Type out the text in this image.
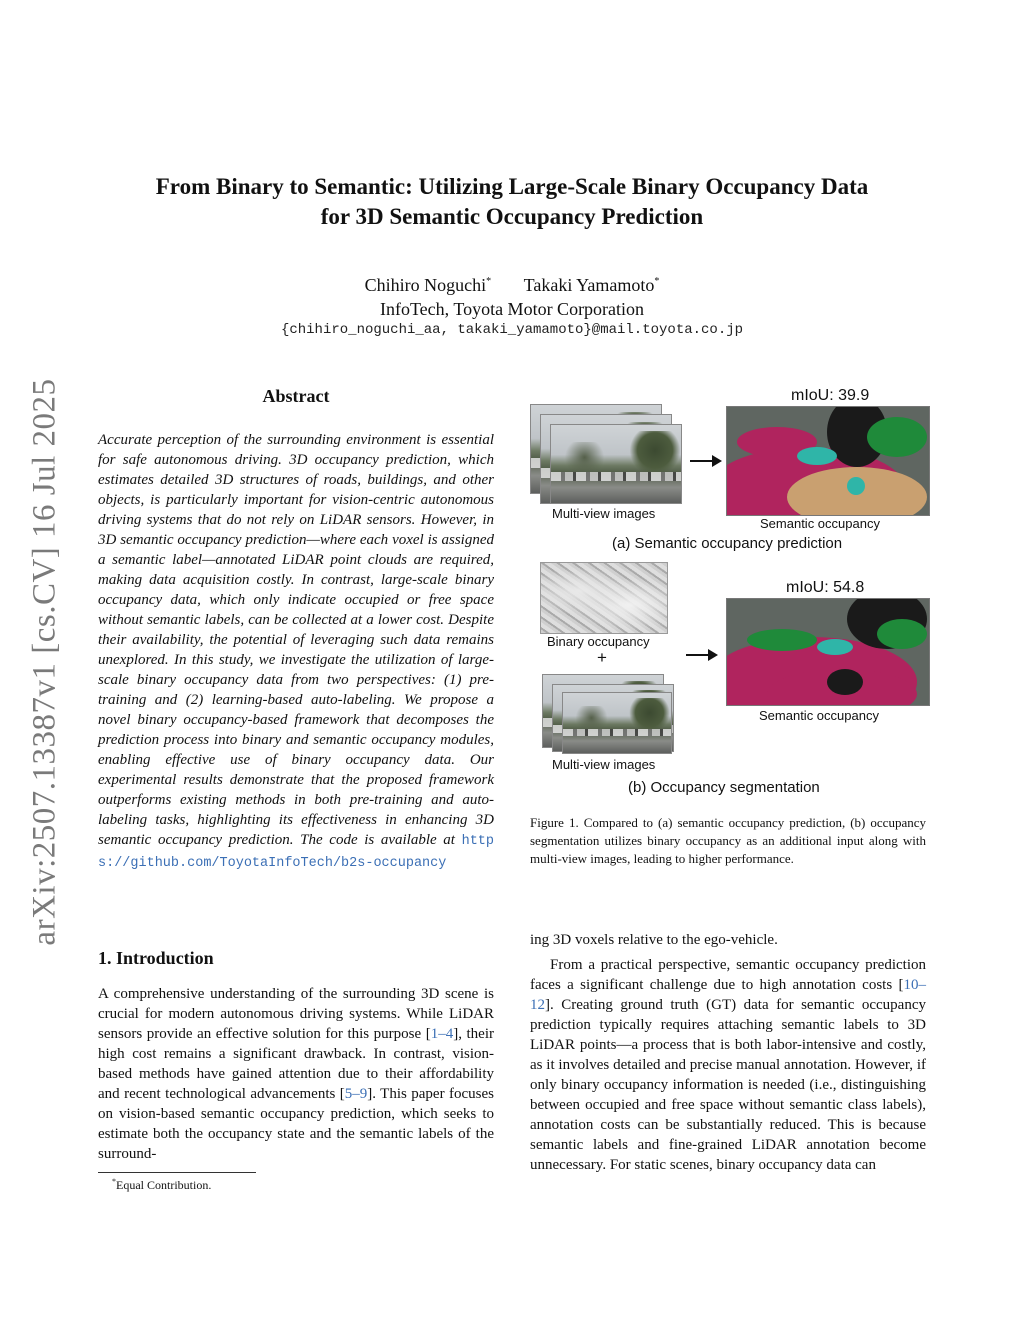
arXiv:2507.13387v1 [cs.CV] 16 Jul 2025
From Binary to Semantic: Utilizing Large-Scale Binary Occupancy Data
for 3D Semantic Occupancy Prediction
Chihiro Noguchi* Takaki Yamamoto*
InfoTech, Toyota Motor Corporation
{chihiro_noguchi_aa, takaki_yamamoto}@mail.toyota.co.jp
Abstract
Accurate perception of the surrounding environment is essential for safe autonomous driving. 3D occupancy prediction, which estimates detailed 3D structures of roads, buildings, and other objects, is particularly important for vision-centric autonomous driving systems that do not rely on LiDAR sensors. However, in 3D semantic occupancy prediction—where each voxel is assigned a semantic label—annotated LiDAR point clouds are required, making data acquisition costly. In contrast, large-scale binary occupancy data, which only indicate occupied or free space without semantic labels, can be collected at a lower cost. Despite their availability, the potential of leveraging such data remains unexplored. In this study, we investigate the utilization of large-scale binary occupancy data from two perspectives: (1) pre-training and (2) learning-based auto-labeling. We propose a novel binary occupancy-based framework that decomposes the prediction process into binary and semantic occupancy modules, enabling effective use of binary occupancy data. Our experimental results demonstrate that the proposed framework outperforms existing methods in both pre-training and auto-labeling tasks, highlighting its effectiveness in enhancing 3D semantic occupancy prediction. The code is available at https://github.com/ToyotaInfoTech/b2s-occupancy
1. Introduction
A comprehensive understanding of the surrounding 3D scene is crucial for modern autonomous driving systems. While LiDAR sensors provide an effective solution for this purpose [1–4], their high cost remains a significant drawback. In contrast, vision-based methods have gained attention due to their affordability and recent technological advancements [5–9]. This paper focuses on vision-based semantic occupancy prediction, which seeks to estimate both the occupancy state and the semantic labels of the surround-
*Equal Contribution.
mIoU: 39.9
Multi-view images
Semantic occupancy
(a) Semantic occupancy prediction
Binary occupancy
+
mIoU: 54.8
Semantic occupancy
Multi-view images
(b) Occupancy segmentation
Figure 1. Compared to (a) semantic occupancy prediction, (b) occupancy segmentation utilizes binary occupancy as an additional input along with multi-view images, leading to higher performance.

ing 3D voxels relative to the ego-vehicle.

From a practical perspective, semantic occupancy prediction faces a significant challenge due to high annotation costs [10–12]. Creating ground truth (GT) data for semantic occupancy prediction typically requires attaching semantic labels to 3D LiDAR points—a process that is both labor-intensive and costly, as it involves detailed and precise manual annotation. However, if only binary occupancy information is needed (i.e., distinguishing between occupied and free space without semantic class labels), annotation costs can be substantially reduced. This is because semantic labels and fine-grained LiDAR annotation become unnecessary. For static scenes, binary occupancy data can
